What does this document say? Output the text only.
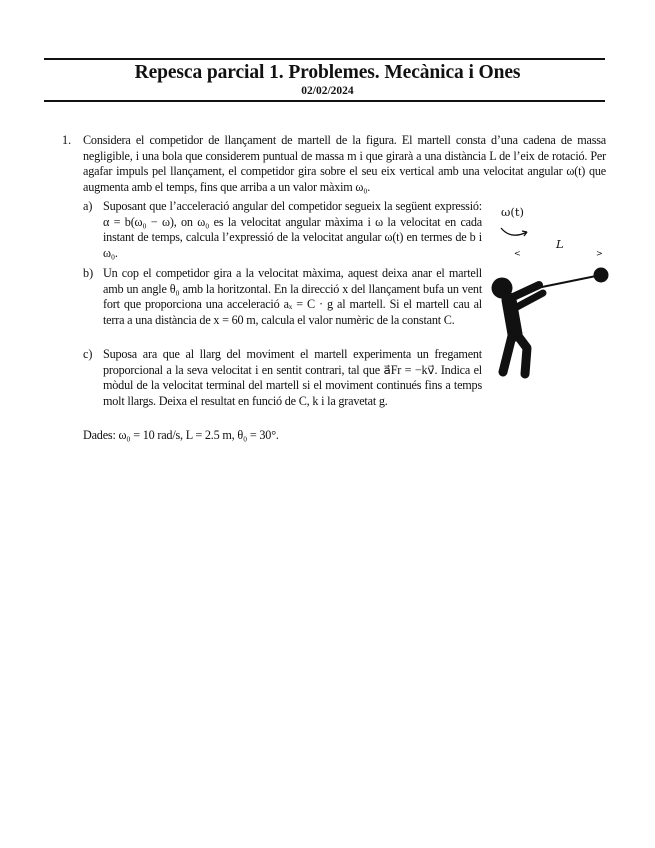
Repesca parcial 1. Problemes. Mecànica i Ones
02/02/2024
1. Considera el competidor de llançament de martell de la figura. El martell consta d’una cadena de massa negligible, i una bola que considerem puntual de massa m i que girarà a una distància L de l’eix de rotació. Per agafar impuls pel llançament, el competidor gira sobre el seu eix vertical amb una velocitat angular ω(t) que augmenta amb el temps, fins que arriba a un valor màxim ω₀.
a) Suposant que l’acceleració angular del competidor segueix la següent expressió: α = b(ω₀ − ω), on ω₀ es la velocitat angular màxima i ω la velocitat en cada instant de temps, calcula l’expressió de la velocitat angular ω(t) en termes de b i ω₀.
b) Un cop el competidor gira a la velocitat màxima, aquest deixa anar el martell amb un angle θ₀ amb la horitzontal. En la direcció x del llançament bufa un vent fort que proporciona una acceleració aₓ = C · g al martell. Si el martell cau al terra a una distància de x = 60 m, calcula el valor numèric de la constant C.
c) Suposa ara que al llarg del moviment el martell experimenta un fregament proporcional a la seva velocitat i en sentit contrari, tal que a⃗Fr = −kv⃗. Indica el mòdul de la velocitat terminal del martell si el moviment continués fins a temps molt llargs. Deixa el resultat en funció de C, k i la gravetat g.
Dades: ω₀ = 10 rad/s, L = 2.5 m, θ₀ = 30°.
ω(t)
L
<	>
